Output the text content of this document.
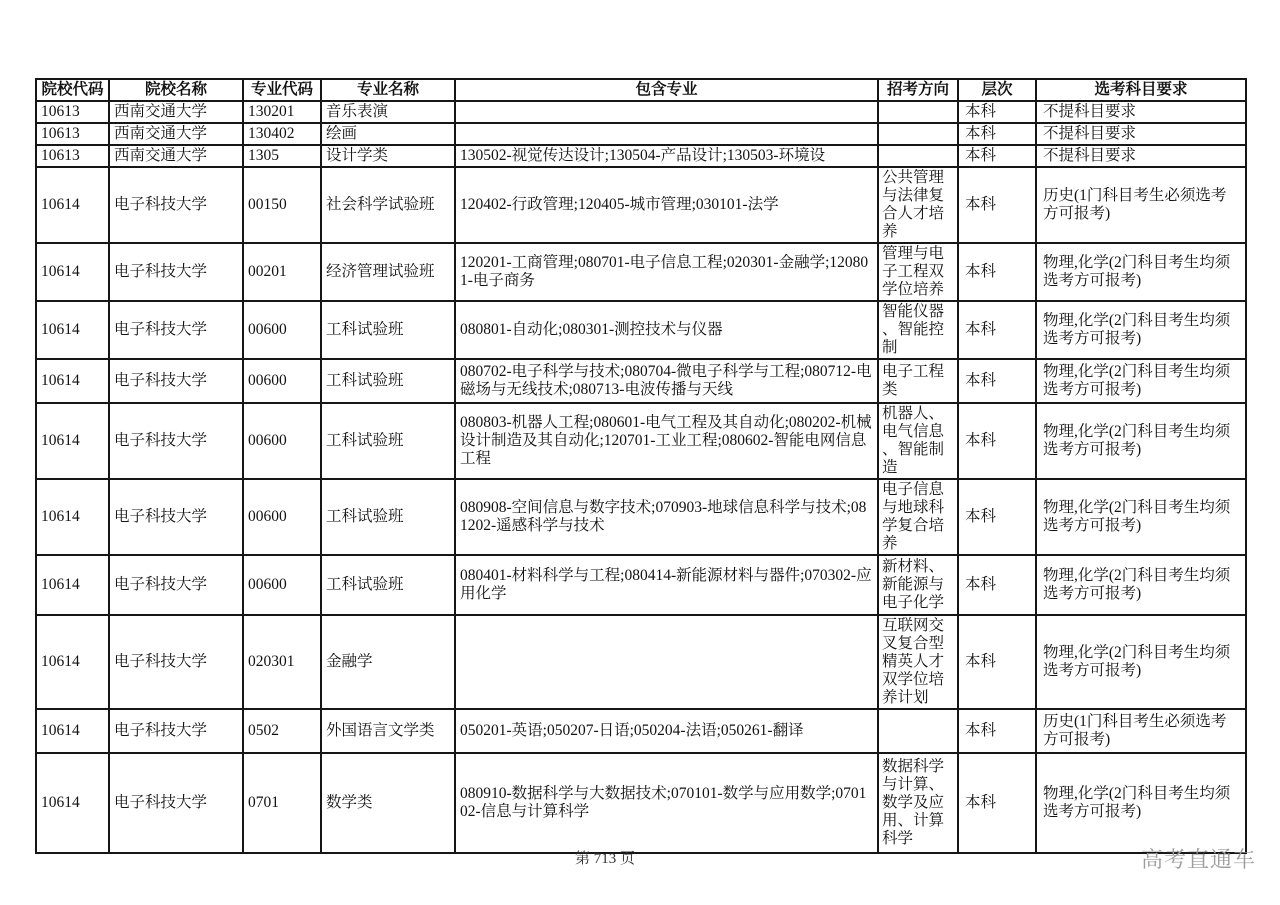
院校代码	院校名称	专业代码	专业名称	包含专业	招考方向	层次	选考科目要求
10613	西南交通大学	130201	音乐表演			本科	不提科目要求
10613	西南交通大学	130402	绘画			本科	不提科目要求
10613	西南交通大学	1305	设计学类	130502-视觉传达设计;130504-产品设计;130503-环境设		本科	不提科目要求
10614	电子科技大学	00150	社会科学试验班	120402-行政管理;120405-城市管理;030101-法学	公共管理与法律复合人才培养	本科	历史(1门科目考生必须选考方可报考)
10614	电子科技大学	00201	经济管理试验班	120201-工商管理;080701-电子信息工程;020301-金融学;120801-电子商务	管理与电子工程双学位培养	本科	物理,化学(2门科目考生均须选考方可报考)
10614	电子科技大学	00600	工科试验班	080801-自动化;080301-测控技术与仪器	智能仪器、智能控制	本科	物理,化学(2门科目考生均须选考方可报考)
10614	电子科技大学	00600	工科试验班	080702-电子科学与技术;080704-微电子科学与工程;080712-电磁场与无线技术;080713-电波传播与天线	电子工程类	本科	物理,化学(2门科目考生均须选考方可报考)
10614	电子科技大学	00600	工科试验班	080803-机器人工程;080601-电气工程及其自动化;080202-机械设计制造及其自动化;120701-工业工程;080602-智能电网信息工程	机器人、电气信息、智能制造	本科	物理,化学(2门科目考生均须选考方可报考)
10614	电子科技大学	00600	工科试验班	080908-空间信息与数字技术;070903-地球信息科学与技术;081202-遥感科学与技术	电子信息与地球科学复合培养	本科	物理,化学(2门科目考生均须选考方可报考)
10614	电子科技大学	00600	工科试验班	080401-材料科学与工程;080414-新能源材料与器件;070302-应用化学	新材料、新能源与电子化学	本科	物理,化学(2门科目考生均须选考方可报考)
10614	电子科技大学	020301	金融学		互联网交叉复合型精英人才双学位培养计划	本科	物理,化学(2门科目考生均须选考方可报考)
10614	电子科技大学	0502	外国语言文学类	050201-英语;050207-日语;050204-法语;050261-翻译		本科	历史(1门科目考生必须选考方可报考)
10614	电子科技大学	0701	数学类	080910-数据科学与大数据技术;070101-数学与应用数学;070102-信息与计算科学	数据科学与计算、数学及应用、计算科学	本科	物理,化学(2门科目考生均须选考方可报考)
第 713 页	高考直通车
